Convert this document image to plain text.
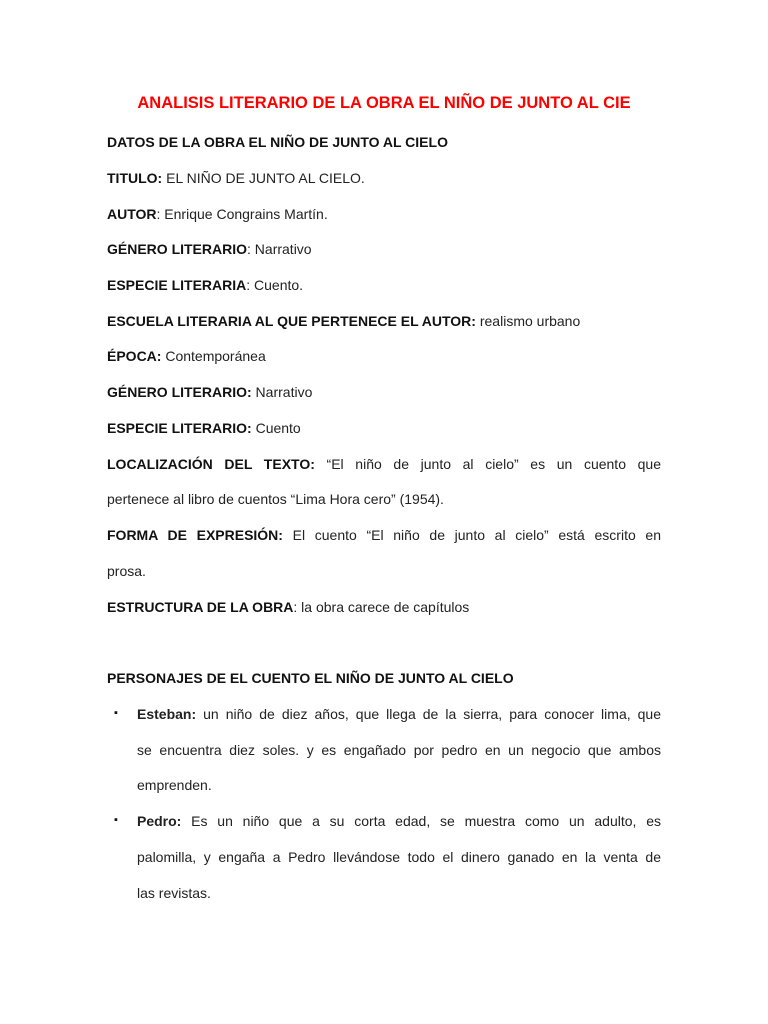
ANALISIS LITERARIO DE LA OBRA EL NIÑO DE JUNTO AL CIE
DATOS DE LA OBRA EL NIÑO DE JUNTO AL CIELO
TITULO: EL NIÑO DE JUNTO AL CIELO.
AUTOR: Enrique Congrains Martín.
GÉNERO LITERARIO: Narrativo
ESPECIE LITERARIA: Cuento.
ESCUELA LITERARIA AL QUE PERTENECE EL AUTOR: realismo urbano
ÉPOCA: Contemporánea
GÉNERO LITERARIO: Narrativo
ESPECIE LITERARIO: Cuento
LOCALIZACIÓN DEL TEXTO: “El niño de junto al cielo” es un cuento que
pertenece al libro de cuentos “Lima Hora cero” (1954).
FORMA DE EXPRESIÓN: El cuento “El niño de junto al cielo” está escrito en
prosa.
ESTRUCTURA DE LA OBRA: la obra carece de capítulos
PERSONAJES DE EL CUENTO EL NIÑO DE JUNTO AL CIELO
▪ Esteban: un niño de diez años, que llega de la sierra, para conocer lima, que
se encuentra diez soles. y es engañado por pedro en un negocio que ambos
emprenden.
▪ Pedro: Es un niño que a su corta edad, se muestra como un adulto, es
palomilla, y engaña a Pedro llevándose todo el dinero ganado en la venta de
las revistas.
